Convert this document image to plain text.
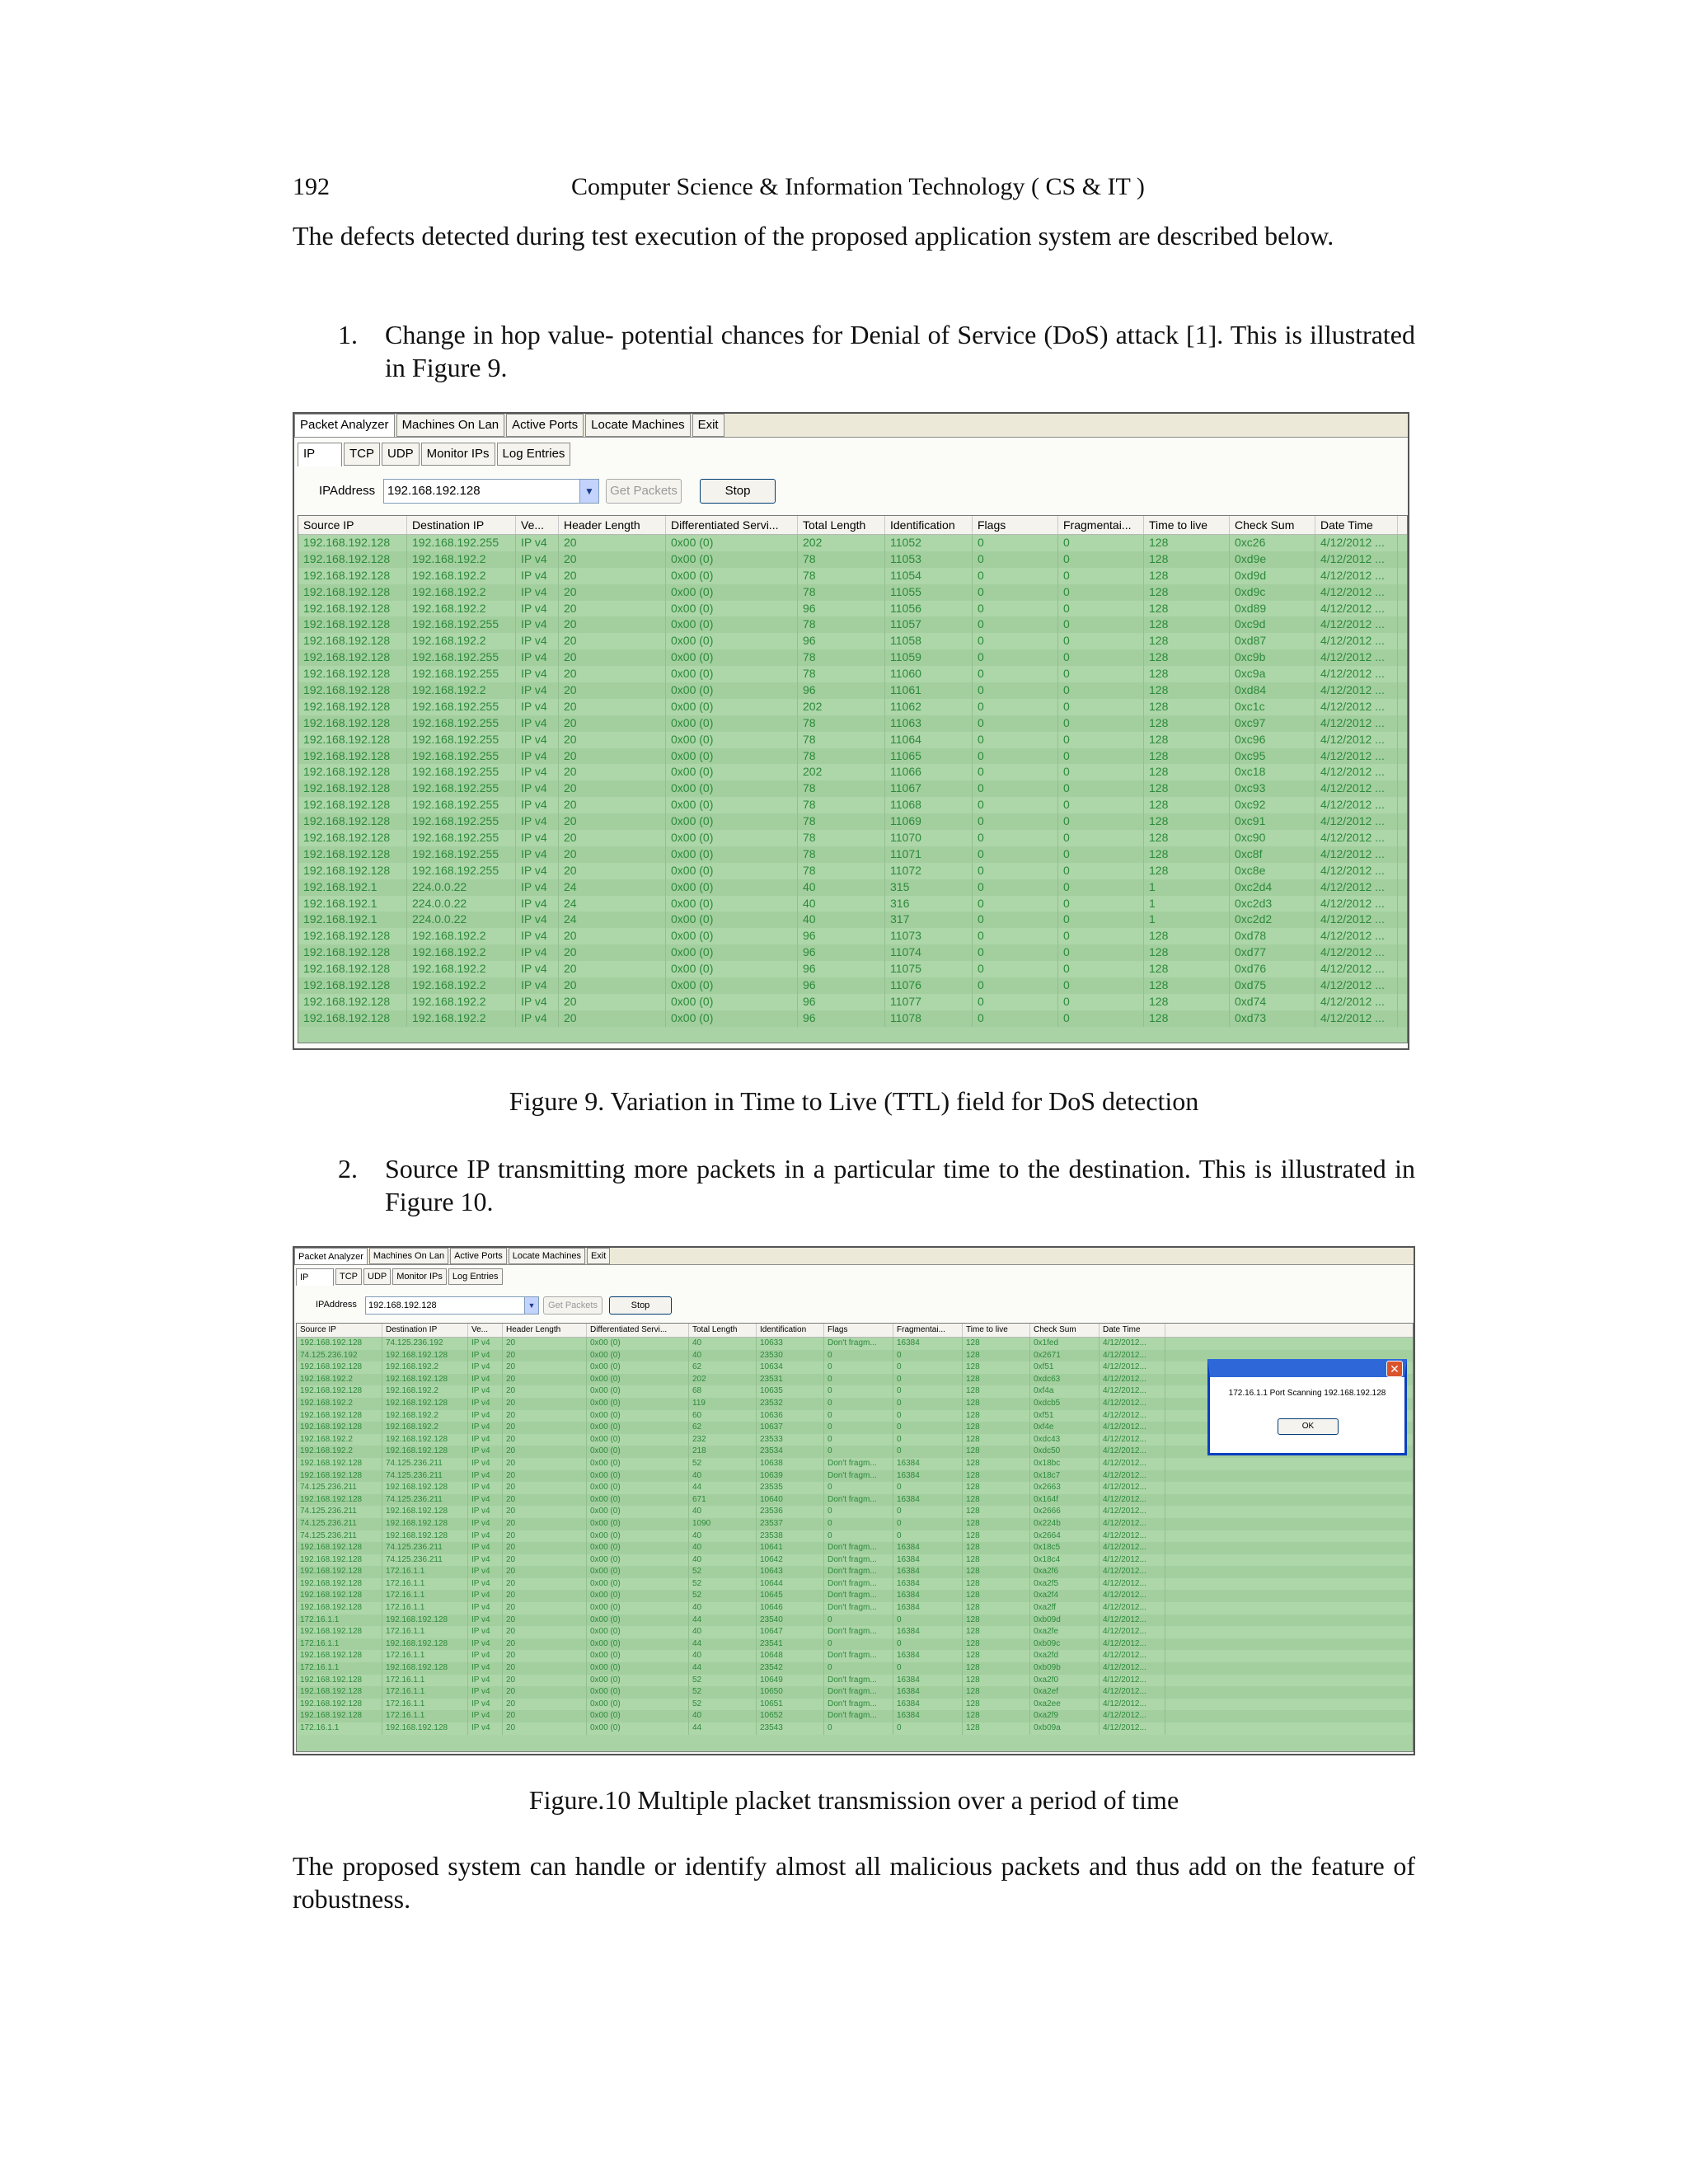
192	Computer Science & Information Technology ( CS & IT )
The defects detected during test execution of the proposed application system are described below.
1.	Change in hop value- potential chances for Denial of Service (DoS) attack [1]. This is illustrated in Figure 9.
Packet Analyzer	Machines On Lan	Active Ports	Locate Machines	Exit
IP	TCP	UDP	Monitor IPs	Log Entries
IPAddress 192.168.192.128	▼	Get Packets	Stop
Source IP	Destination IP	Ve...	Header Length	Differentiated Servi...	Total Length	Identification	Flags	Fragmentai...	Time to live	Check Sum	Date Time
192.168.192.128	192.168.192.255	IP v4	20	0x00 (0)	202	11052	0	0	128	0xc26	4/12/2012 ...
192.168.192.128	192.168.192.2	IP v4	20	0x00 (0)	78	11053	0	0	128	0xd9e	4/12/2012 ...
192.168.192.128	192.168.192.2	IP v4	20	0x00 (0)	78	11054	0	0	128	0xd9d	4/12/2012 ...
192.168.192.128	192.168.192.2	IP v4	20	0x00 (0)	78	11055	0	0	128	0xd9c	4/12/2012 ...
192.168.192.128	192.168.192.2	IP v4	20	0x00 (0)	96	11056	0	0	128	0xd89	4/12/2012 ...
192.168.192.128	192.168.192.255	IP v4	20	0x00 (0)	78	11057	0	0	128	0xc9d	4/12/2012 ...
192.168.192.128	192.168.192.2	IP v4	20	0x00 (0)	96	11058	0	0	128	0xd87	4/12/2012 ...
192.168.192.128	192.168.192.255	IP v4	20	0x00 (0)	78	11059	0	0	128	0xc9b	4/12/2012 ...
192.168.192.128	192.168.192.255	IP v4	20	0x00 (0)	78	11060	0	0	128	0xc9a	4/12/2012 ...
192.168.192.128	192.168.192.2	IP v4	20	0x00 (0)	96	11061	0	0	128	0xd84	4/12/2012 ...
192.168.192.128	192.168.192.255	IP v4	20	0x00 (0)	202	11062	0	0	128	0xc1c	4/12/2012 ...
192.168.192.128	192.168.192.255	IP v4	20	0x00 (0)	78	11063	0	0	128	0xc97	4/12/2012 ...
192.168.192.128	192.168.192.255	IP v4	20	0x00 (0)	78	11064	0	0	128	0xc96	4/12/2012 ...
192.168.192.128	192.168.192.255	IP v4	20	0x00 (0)	78	11065	0	0	128	0xc95	4/12/2012 ...
192.168.192.128	192.168.192.255	IP v4	20	0x00 (0)	202	11066	0	0	128	0xc18	4/12/2012 ...
192.168.192.128	192.168.192.255	IP v4	20	0x00 (0)	78	11067	0	0	128	0xc93	4/12/2012 ...
192.168.192.128	192.168.192.255	IP v4	20	0x00 (0)	78	11068	0	0	128	0xc92	4/12/2012 ...
192.168.192.128	192.168.192.255	IP v4	20	0x00 (0)	78	11069	0	0	128	0xc91	4/12/2012 ...
192.168.192.128	192.168.192.255	IP v4	20	0x00 (0)	78	11070	0	0	128	0xc90	4/12/2012 ...
192.168.192.128	192.168.192.255	IP v4	20	0x00 (0)	78	11071	0	0	128	0xc8f	4/12/2012 ...
192.168.192.128	192.168.192.255	IP v4	20	0x00 (0)	78	11072	0	0	128	0xc8e	4/12/2012 ...
192.168.192.1	224.0.0.22	IP v4	24	0x00 (0)	40	315	0	0	1	0xc2d4	4/12/2012 ...
192.168.192.1	224.0.0.22	IP v4	24	0x00 (0)	40	316	0	0	1	0xc2d3	4/12/2012 ...
192.168.192.1	224.0.0.22	IP v4	24	0x00 (0)	40	317	0	0	1	0xc2d2	4/12/2012 ...
192.168.192.128	192.168.192.2	IP v4	20	0x00 (0)	96	11073	0	0	128	0xd78	4/12/2012 ...
192.168.192.128	192.168.192.2	IP v4	20	0x00 (0)	96	11074	0	0	128	0xd77	4/12/2012 ...
192.168.192.128	192.168.192.2	IP v4	20	0x00 (0)	96	11075	0	0	128	0xd76	4/12/2012 ...
192.168.192.128	192.168.192.2	IP v4	20	0x00 (0)	96	11076	0	0	128	0xd75	4/12/2012 ...
192.168.192.128	192.168.192.2	IP v4	20	0x00 (0)	96	11077	0	0	128	0xd74	4/12/2012 ...
192.168.192.128	192.168.192.2	IP v4	20	0x00 (0)	96	11078	0	0	128	0xd73	4/12/2012 ...
Figure 9. Variation in Time to Live (TTL) field for DoS detection
2.	Source IP transmitting more packets in a particular time to the destination. This is illustrated in Figure 10.
Packet Analyzer	Machines On Lan	Active Ports	Locate Machines	Exit
IP	TCP	UDP	Monitor IPs	Log Entries
IPAddress	192.168.192.128	▼	Get Packets	Stop
Source IP	Destination IP	Ve...	Header Length	Differentiated Servi...	Total Length	Identification	Flags	Fragmentai...	Time to live	Check Sum	Date Time
192.168.192.128	74.125.236.192	IP v4	20	0x00 (0)	40	10633	Don't fragm...	16384	128	0x1fed	4/12/2012...
74.125.236.192	192.168.192.128	IP v4	20	0x00 (0)	40	23530	0	0	128	0x2671	4/12/2012...
192.168.192.128	192.168.192.2	IP v4	20	0x00 (0)	62	10634	0	0	128	0xf51	4/12/2012...
192.168.192.2	192.168.192.128	IP v4	20	0x00 (0)	202	23531	0	0	128	0xdc63	4/12/2012...
192.168.192.128	192.168.192.2	IP v4	20	0x00 (0)	68	10635	0	0	128	0xf4a	4/12/2012...
192.168.192.2	192.168.192.128	IP v4	20	0x00 (0)	119	23532	0	0	128	0xdcb5	4/12/2012...
192.168.192.128	192.168.192.2	IP v4	20	0x00 (0)	60	10636	0	0	128	0xf51	4/12/2012...
192.168.192.128	192.168.192.2	IP v4	20	0x00 (0)	62	10637	0	0	128	0xf4e	4/12/2012...
192.168.192.2	192.168.192.128	IP v4	20	0x00 (0)	232	23533	0	0	128	0xdc43	4/12/2012...
192.168.192.2	192.168.192.128	IP v4	20	0x00 (0)	218	23534	0	0	128	0xdc50	4/12/2012...
192.168.192.128	74.125.236.211	IP v4	20	0x00 (0)	52	10638	Don't fragm...	16384	128	0x18bc	4/12/2012...
192.168.192.128	74.125.236.211	IP v4	20	0x00 (0)	40	10639	Don't fragm...	16384	128	0x18c7	4/12/2012...
74.125.236.211	192.168.192.128	IP v4	20	0x00 (0)	44	23535	0	0	128	0x2663	4/12/2012...
192.168.192.128	74.125.236.211	IP v4	20	0x00 (0)	671	10640	Don't fragm...	16384	128	0x164f	4/12/2012...
74.125.236.211	192.168.192.128	IP v4	20	0x00 (0)	40	23536	0	0	128	0x2666	4/12/2012...
74.125.236.211	192.168.192.128	IP v4	20	0x00 (0)	1090	23537	0	0	128	0x224b	4/12/2012...
74.125.236.211	192.168.192.128	IP v4	20	0x00 (0)	40	23538	0	0	128	0x2664	4/12/2012...
192.168.192.128	74.125.236.211	IP v4	20	0x00 (0)	40	10641	Don't fragm...	16384	128	0x18c5	4/12/2012...
192.168.192.128	74.125.236.211	IP v4	20	0x00 (0)	40	10642	Don't fragm...	16384	128	0x18c4	4/12/2012...
192.168.192.128	172.16.1.1	IP v4	20	0x00 (0)	52	10643	Don't fragm...	16384	128	0xa2f6	4/12/2012...
192.168.192.128	172.16.1.1	IP v4	20	0x00 (0)	52	10644	Don't fragm...	16384	128	0xa2f5	4/12/2012...
192.168.192.128	172.16.1.1	IP v4	20	0x00 (0)	52	10645	Don't fragm...	16384	128	0xa2f4	4/12/2012...
192.168.192.128	172.16.1.1	IP v4	20	0x00 (0)	40	10646	Don't fragm...	16384	128	0xa2ff	4/12/2012...
172.16.1.1	192.168.192.128	IP v4	20	0x00 (0)	44	23540	0	0	128	0xb09d	4/12/2012...
192.168.192.128	172.16.1.1	IP v4	20	0x00 (0)	40	10647	Don't fragm...	16384	128	0xa2fe	4/12/2012...
172.16.1.1	192.168.192.128	IP v4	20	0x00 (0)	44	23541	0	0	128	0xb09c	4/12/2012...
192.168.192.128	172.16.1.1	IP v4	20	0x00 (0)	40	10648	Don't fragm...	16384	128	0xa2fd	4/12/2012...
172.16.1.1	192.168.192.128	IP v4	20	0x00 (0)	44	23542	0	0	128	0xb09b	4/12/2012...
192.168.192.128	172.16.1.1	IP v4	20	0x00 (0)	52	10649	Don't fragm...	16384	128	0xa2f0	4/12/2012...
192.168.192.128	172.16.1.1	IP v4	20	0x00 (0)	52	10650	Don't fragm...	16384	128	0xa2ef	4/12/2012...
192.168.192.128	172.16.1.1	IP v4	20	0x00 (0)	52	10651	Don't fragm...	16384	128	0xa2ee	4/12/2012...
192.168.192.128	172.16.1.1	IP v4	20	0x00 (0)	40	10652	Don't fragm...	16384	128	0xa2f9	4/12/2012...
172.16.1.1	192.168.192.128	IP v4	20	0x00 (0)	44	23543	0	0	128	0xb09a	4/12/2012...
✕
172.16.1.1 Port Scanning 192.168.192.128
OK
Figure.10 Multiple placket transmission over a period of time
The proposed system can handle or identify almost all malicious packets and thus add on the feature of robustness.
